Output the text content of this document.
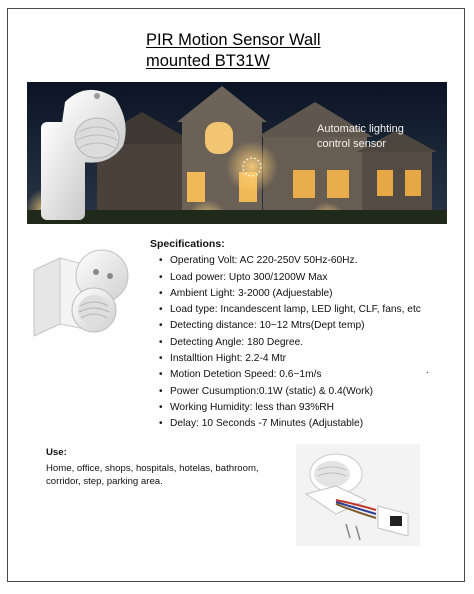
PIR Motion Sensor Wall
mounted BT31W
Automatic lighting
control sensor
Specifications:
• Operating Volt: AC 220-250V 50Hz-60Hz.
• Load power: Upto 300/1200W Max
• Ambient Light: 3-2000 (Adjuestable)
• Load type: Incandescent lamp, LED light, CLF, fans, etc
• Detecting distance: 10~12 Mtrs(Dept temp)
• Detecting Angle: 180 Degree.
• Installtion Hight: 2.2-4 Mtr
• Motion Detetion Speed: 0.6~1m/s
• Power Cusumption:0.1W (static) & 0.4(Work)
• Working Humidity: less than 93%RH
• Delay: 10 Seconds -7 Minutes (Adjustable)
.
Use:
Home, office, shops, hospitals, hotelas, bathroom,
corridor, step, parking area.
